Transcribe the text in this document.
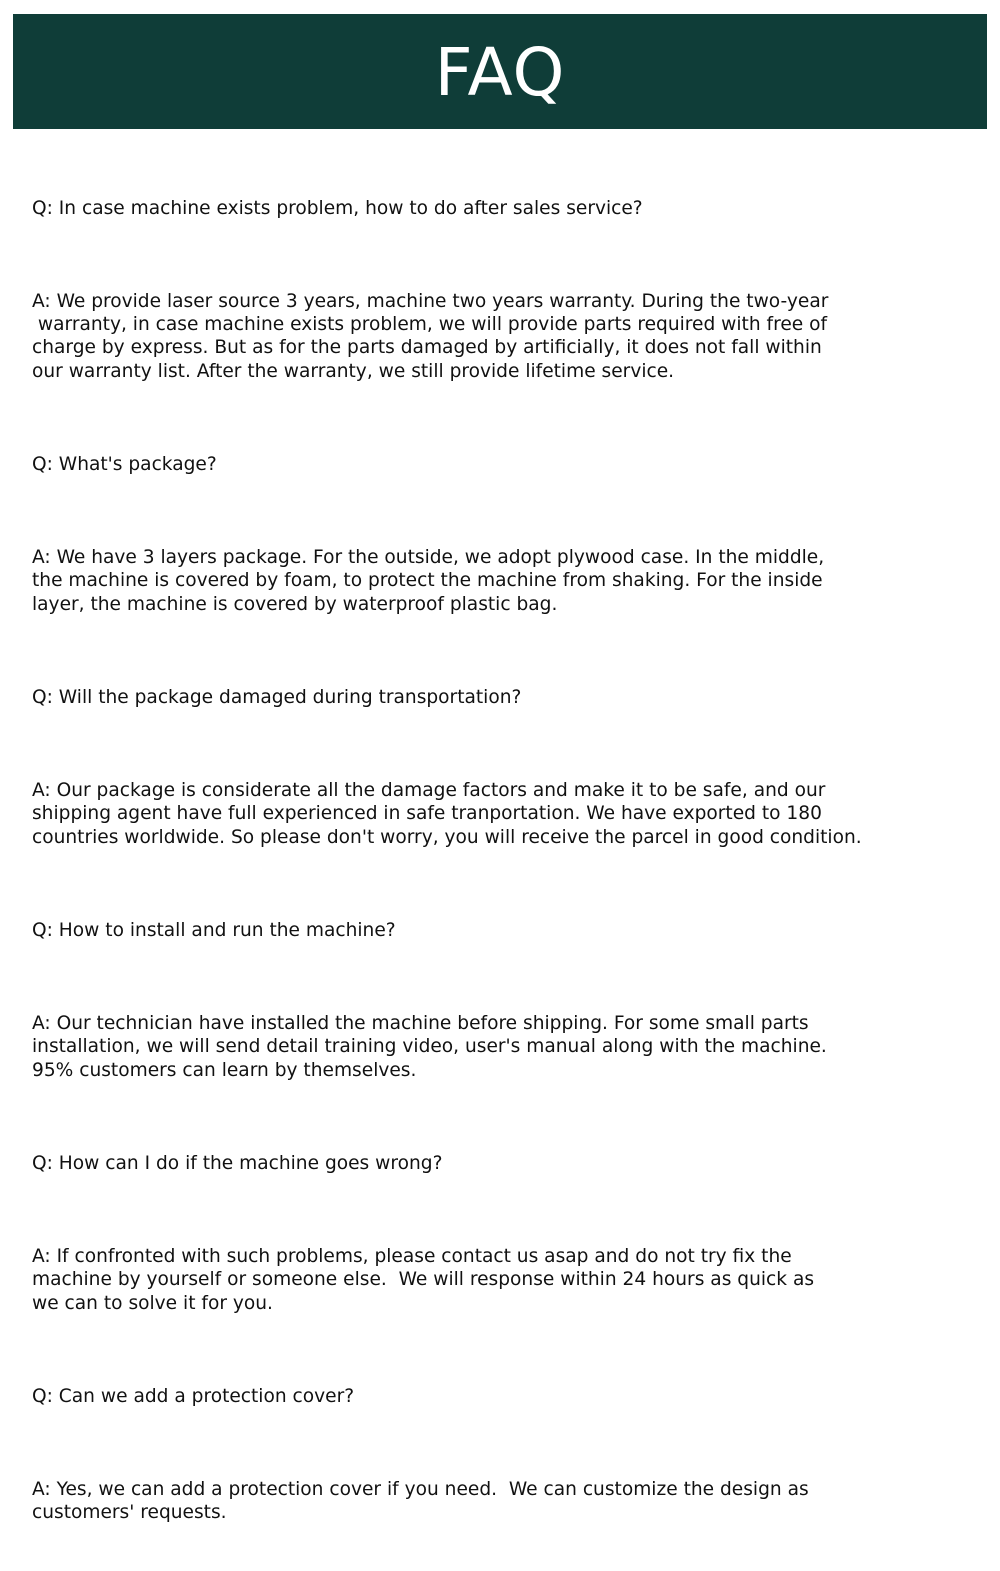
FAQ

Q: In case machine exists problem, how to do after sales service?

A: We provide laser source 3 years, machine two years warranty. During the two-year
warranty, in case machine exists problem, we will provide parts required with free of
charge by express. But as for the parts damaged by artificially, it does not fall within
our warranty list. After the warranty, we still provide lifetime service.

Q: What's package?

A: We have 3 layers package. For the outside, we adopt plywood case. In the middle,
the machine is covered by foam, to protect the machine from shaking. For the inside
layer, the machine is covered by waterproof plastic bag.

Q: Will the package damaged during transportation?

A: Our package is considerate all the damage factors and make it to be safe, and our
shipping agent have full experienced in safe tranportation. We have exported to 180
countries worldwide. So please don't worry, you will receive the parcel in good condition.

Q: How to install and run the machine?

A: Our technician have installed the machine before shipping. For some small parts
installation, we will send detail training video, user's manual along with the machine.
95% customers can learn by themselves.

Q: How can I do if the machine goes wrong?

A: If confronted with such problems, please contact us asap and do not try fix the
machine by yourself or someone else.  We will response within 24 hours as quick as
we can to solve it for you.

Q: Can we add a protection cover?

A: Yes, we can add a protection cover if you need.  We can customize the design as
customers' requests.
